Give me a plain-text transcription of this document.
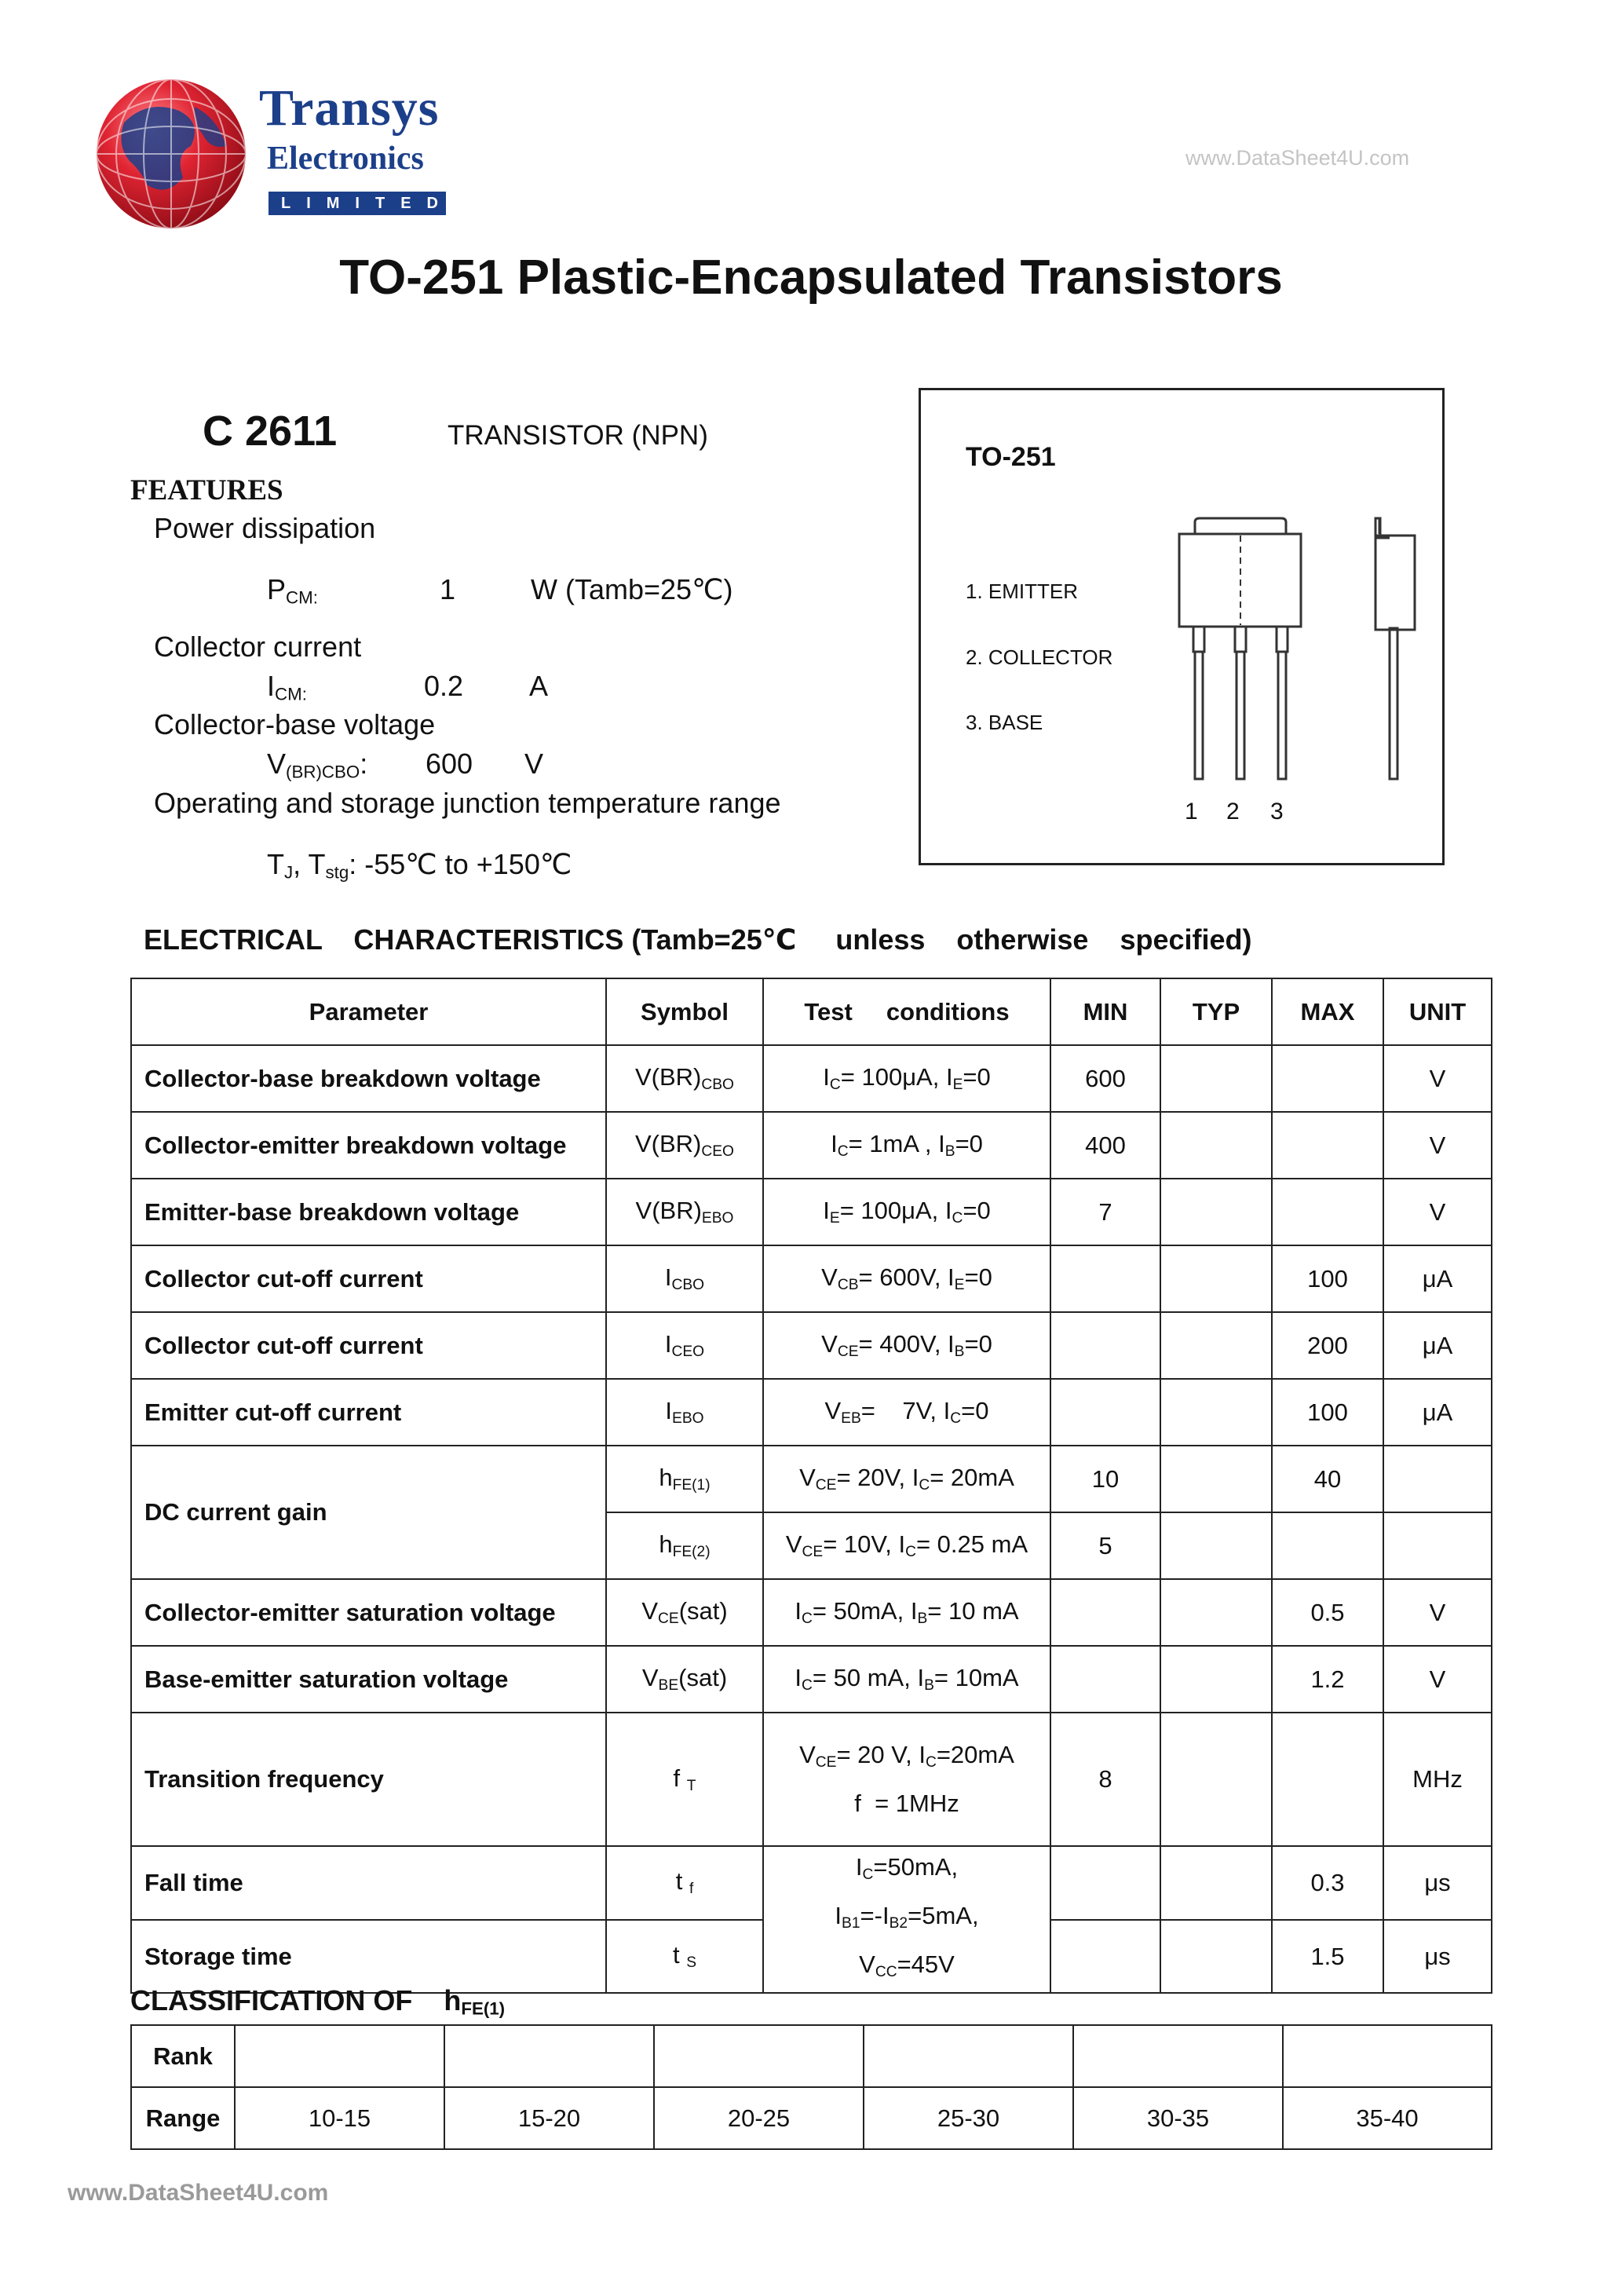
Transys
Electronics
LIMITED
www.DataSheet4U.com
TO-251 Plastic-Encapsulated Transistors
C 2611	TRANSISTOR (NPN)
FEATURES
Power dissipation
$P_{CM:}$	1	W (Tamb=25℃)
Collector current
$I_{CM:}$	0.2 A
Collector-base voltage
$V_{(BR)CBO}$: 600 V
Operating and storage junction temperature range
$T_J$, $T_{stg}$: -55℃ to +150℃
TO-251
1. EMITTER
2. COLLECTOR
3. BASE
1 2 3
ELECTRICAL    CHARACTERISTICS (Tamb=25℃     unless    otherwise    specified)
Parameter	Symbol	Test     conditions	MIN	TYP	MAX	UNIT
Collector-base breakdown voltage	$V(BR)_{CBO}$	$I_C= 100\mu A$, $I_E=0$	600			V
Collector-emitter breakdown voltage	$V(BR)_{CEO}$	$I_C= 1mA$ , $I_B=0$	400			V
Emitter-base breakdown voltage	$V(BR)_{EBO}$	$I_E= 100\mu A$, $I_C=0$	7			V
Collector cut-off current	$I_{CBO}$	$V_{CB}= 600V$, $I_E=0$			100	μA
Collector cut-off current	$I_{CEO}$	$V_{CE}= 400V$, $I_B=0$			200	μA
Emitter cut-off current	$I_{EBO}$	$V_{EB}=$    7V, $I_C=0$			100	μA
DC current gain	$h_{FE(1)}$	$V_{CE}= 20V$, $I_C= 20mA$	10		40	
	$h_{FE(2)}$	$V_{CE}= 10V$, $I_C= 0.25$ mA	5			
Collector-emitter saturation voltage	$V_{CE}(sat)$	$I_C= 50mA$, $I_B= 10$ mA			0.5	V
Base-emitter saturation voltage	$V_{BE}(sat)$	$I_C= 50$ mA, $I_B= 10mA$			1.2	V
Transition frequency	f $_T$	$V_{CE}= 20$ V, $I_C=20mA$
f  = 1MHz	8			MHz
Fall time	t $_f$	$I_C=50mA$,
$I_{B1}=-I_{B2}=5mA$,
$V_{CC}=45V$			0.3	μs
Storage time	t $_S$				1.5	μs
CLASSIFICATION OF    $h_{FE(1)}$
Rank						
Range	10-15	15-20	20-25	25-30	30-35	35-40
www.DataSheet4U.com
